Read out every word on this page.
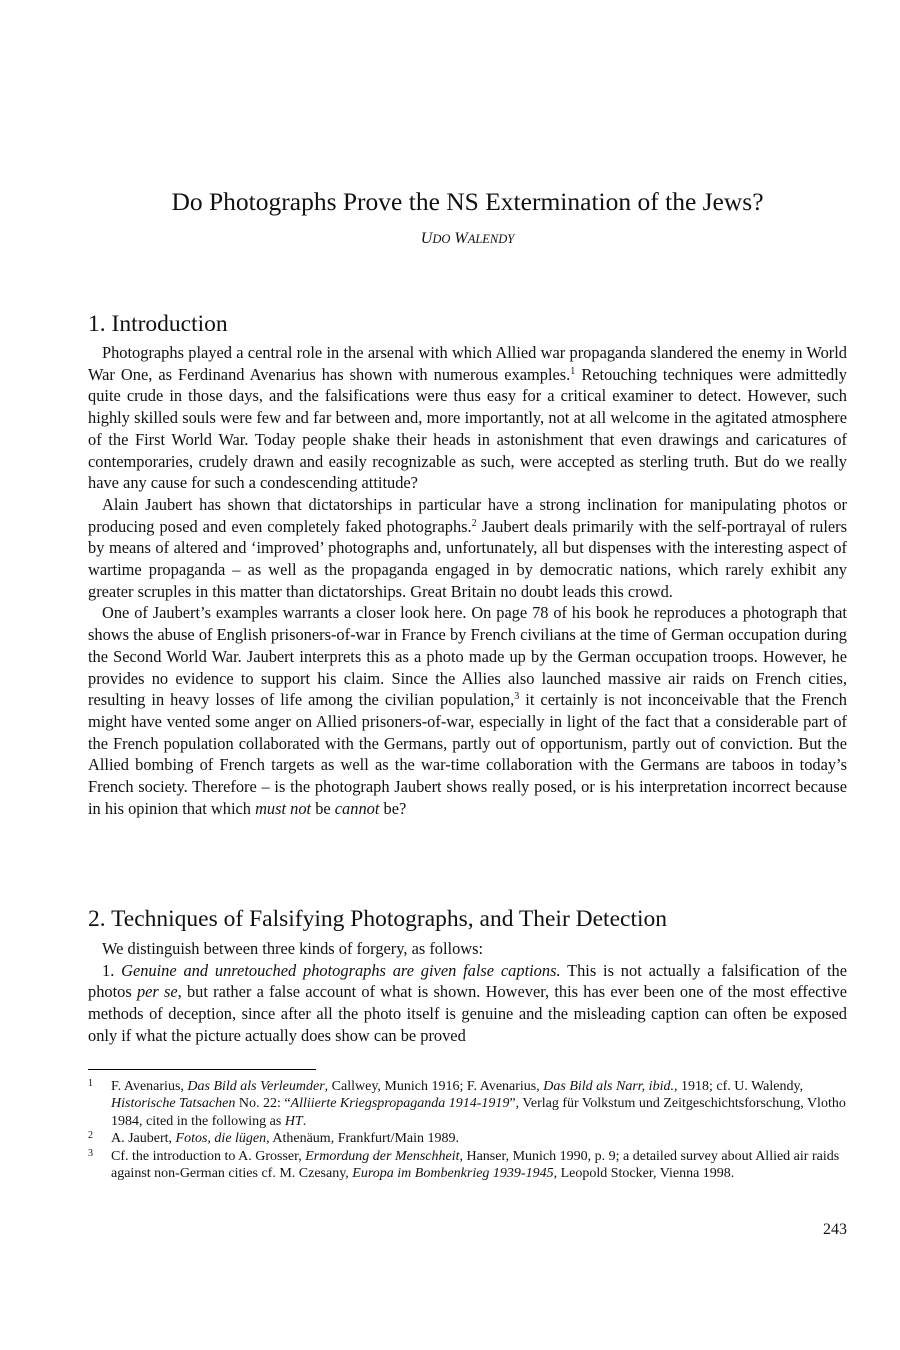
Do Photographs Prove the NS Extermination of the Jews?
UDO WALENDY
1. Introduction

Photographs played a central role in the arsenal with which Allied war propaganda slandered the enemy in World War One, as Ferdinand Avenarius has shown with numerous examples.$^1$ Retouching techniques were admittedly quite crude in those days, and the falsifications were thus easy for a critical examiner to detect. However, such highly skilled souls were few and far between and, more importantly, not at all welcome in the agitated atmosphere of the First World War. Today people shake their heads in astonishment that even drawings and caricatures of contemporaries, crudely drawn and easily recognizable as such, were accepted as sterling truth. But do we really have any cause for such a condescending attitude?

Alain Jaubert has shown that dictatorships in particular have a strong inclination for manipulating photos or producing posed and even completely faked photographs.$^2$ Jaubert deals primarily with the self-portrayal of rulers by means of altered and ‘improved’ photographs and, unfortunately, all but dispenses with the interesting aspect of wartime propaganda – as well as the propaganda engaged in by democratic nations, which rarely exhibit any greater scruples in this matter than dictatorships. Great Britain no doubt leads this crowd.

One of Jaubert’s examples warrants a closer look here. On page 78 of his book he reproduces a photograph that shows the abuse of English prisoners-of-war in France by French civilians at the time of German occupation during the Second World War. Jaubert interprets this as a photo made up by the German occupation troops. However, he provides no evidence to support his claim. Since the Allies also launched massive air raids on French cities, resulting in heavy losses of life among the civilian population,$^3$ it certainly is not inconceivable that the French might have vented some anger on Allied prisoners-of-war, especially in light of the fact that a considerable part of the French population collaborated with the Germans, partly out of opportunism, partly out of conviction. But the Allied bombing of French targets as well as the war-time collaboration with the Germans are taboos in today’s French society. Therefore – is the photograph Jaubert shows really posed, or is his interpretation incorrect because in his opinion that which must not be cannot be?

2. Techniques of Falsifying Photographs, and Their Detection

We distinguish between three kinds of forgery, as follows:

1. Genuine and unretouched photographs are given false captions. This is not actually a falsification of the photos per se, but rather a false account of what is shown. However, this has ever been one of the most effective methods of deception, since after all the photo itself is genuine and the misleading caption can often be exposed only if what the picture actually does show can be proved

1 F. Avenarius, Das Bild als Verleumder, Callwey, Munich 1916; F. Avenarius, Das Bild als Narr, ibid., 1918; cf. U. Walendy, Historische Tatsachen No. 22: “Alliierte Kriegspropaganda 1914-1919”, Verlag für Volkstum und Zeitgeschichtsforschung, Vlotho 1984, cited in the following as HT.
2 A. Jaubert, Fotos, die lügen, Athenäum, Frankfurt/Main 1989.
3 Cf. the introduction to A. Grosser, Ermordung der Menschheit, Hanser, Munich 1990, p. 9; a detailed survey about Allied air raids against non-German cities cf. M. Czesany, Europa im Bombenkrieg 1939-1945, Leopold Stocker, Vienna 1998.
243
